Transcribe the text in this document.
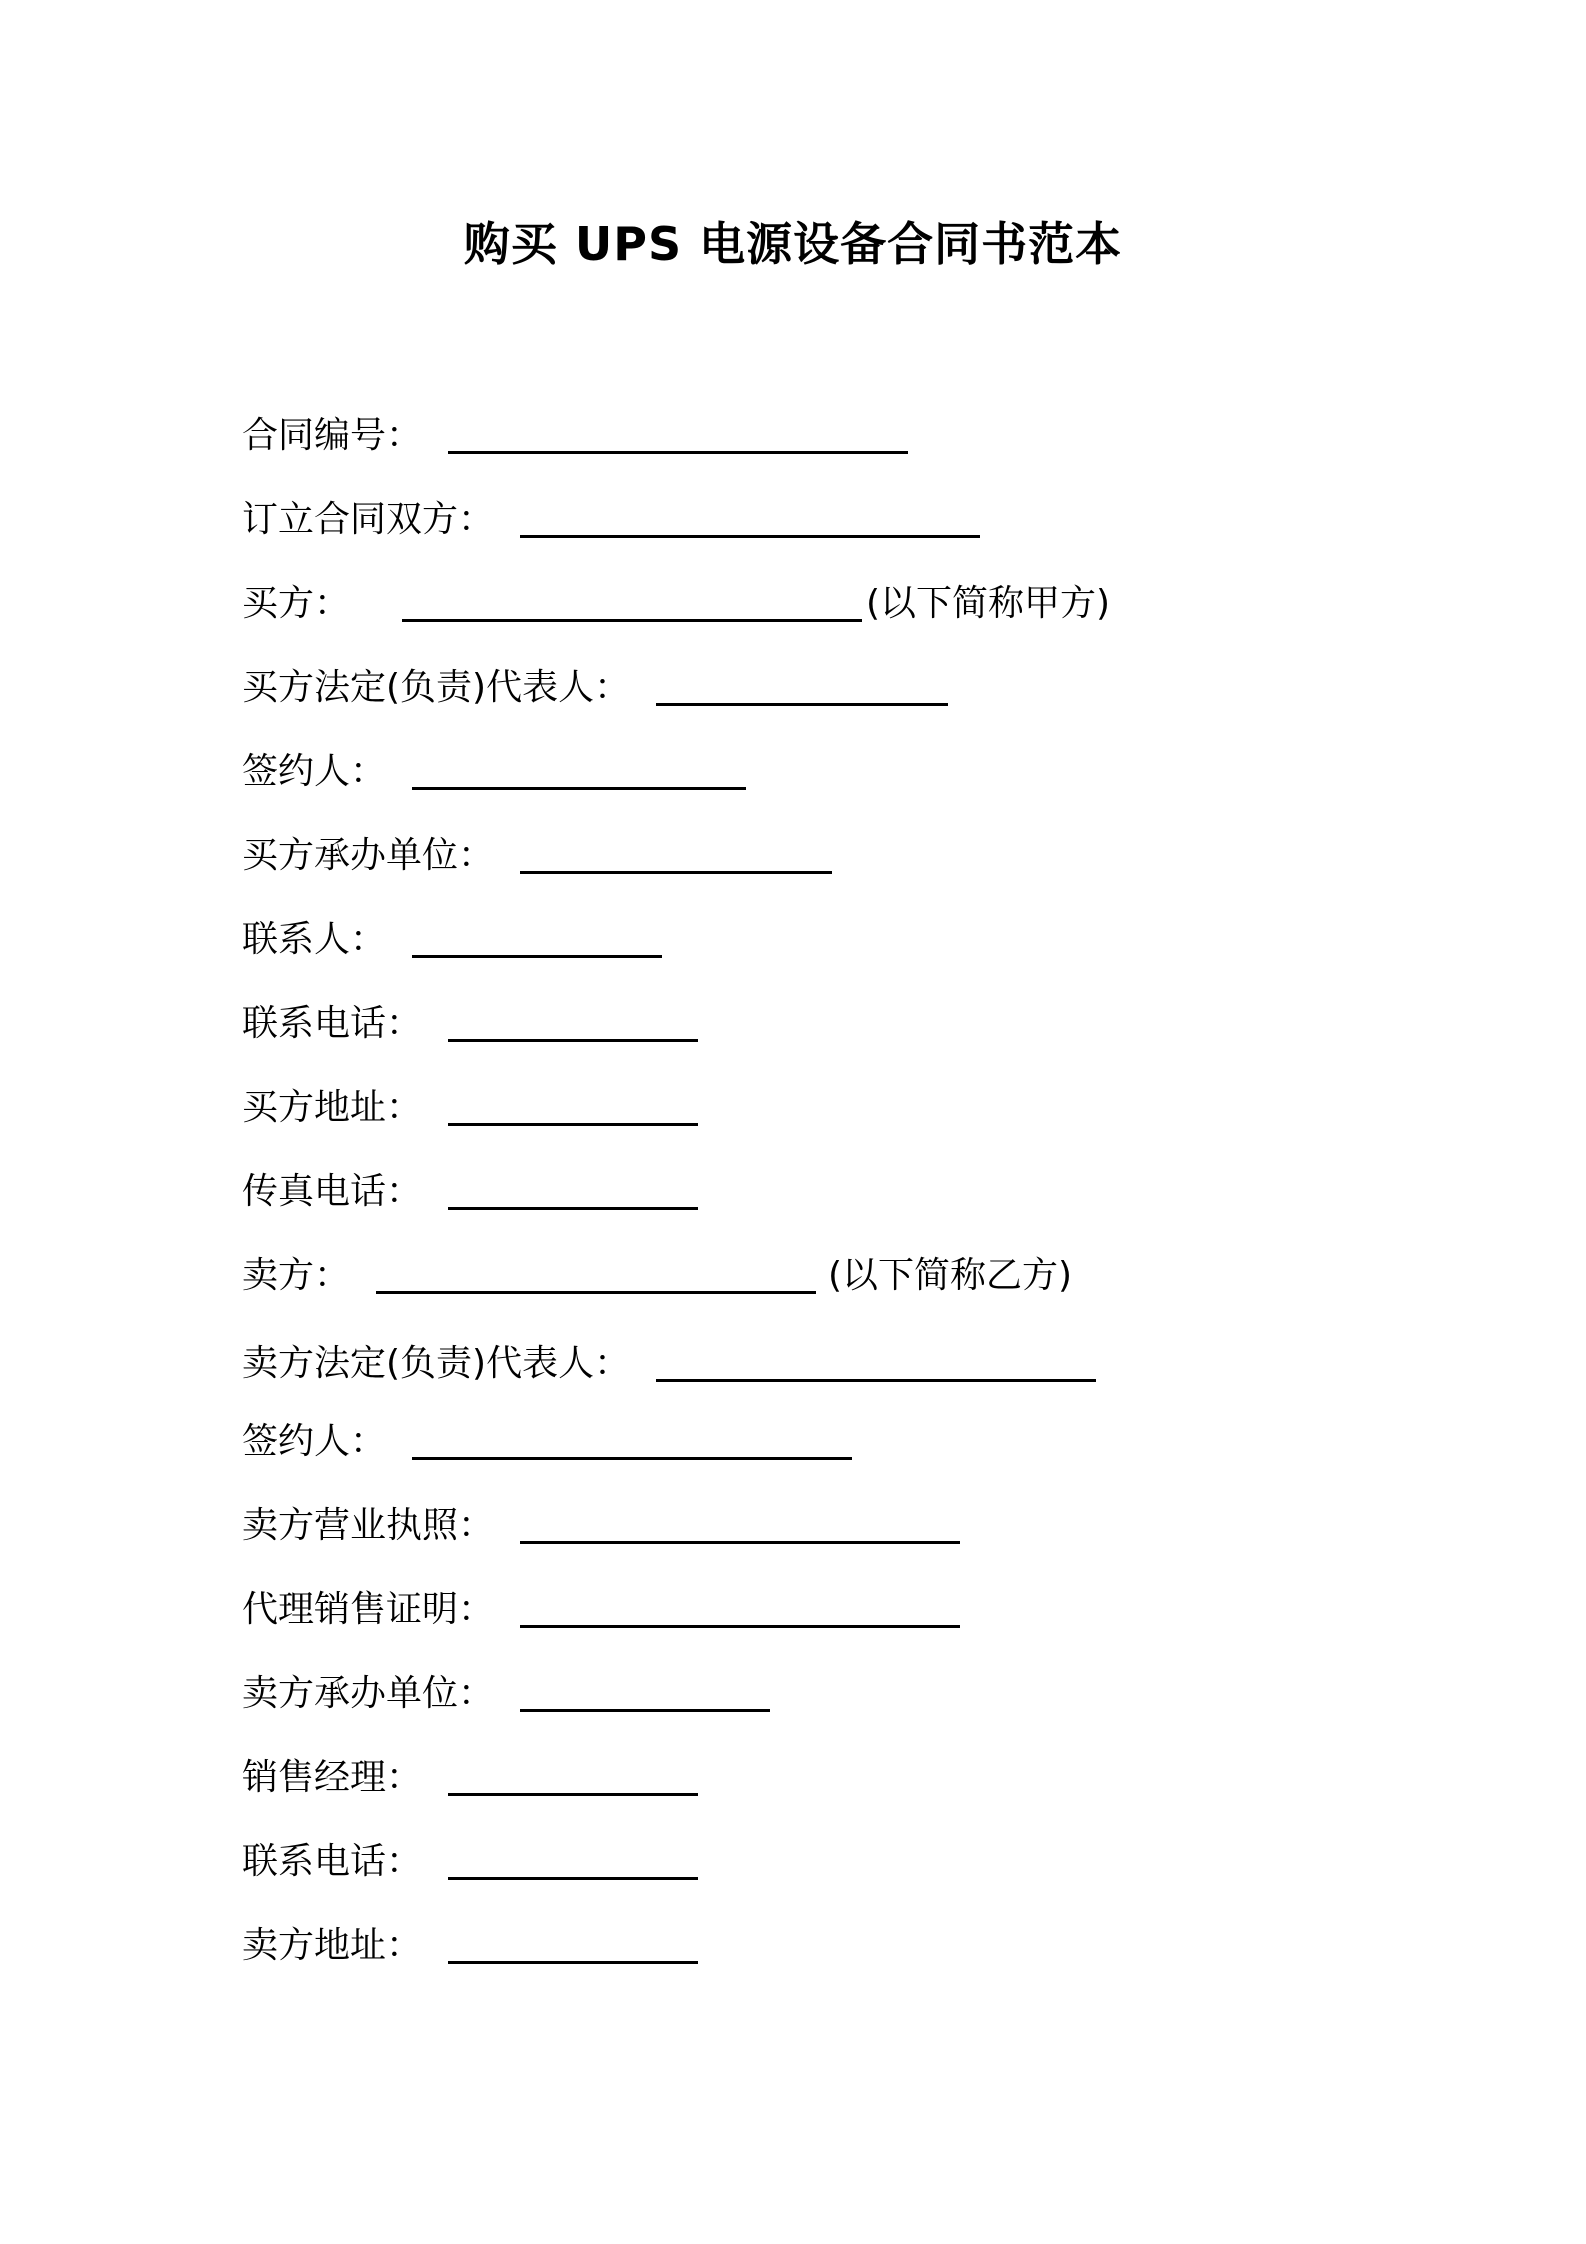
购买 UPS 电源设备合同书范本
合同编号：
订立合同双方：
买方：	(以下简称甲方)
买方法定(负责)代表人：
签约人：
买方承办单位：
联系人：
联系电话：
买方地址：
传真电话：
卖方：	(以下简称乙方)
卖方法定(负责)代表人：
签约人：
卖方营业执照：
代理销售证明：
卖方承办单位：
销售经理：
联系电话：
卖方地址：
